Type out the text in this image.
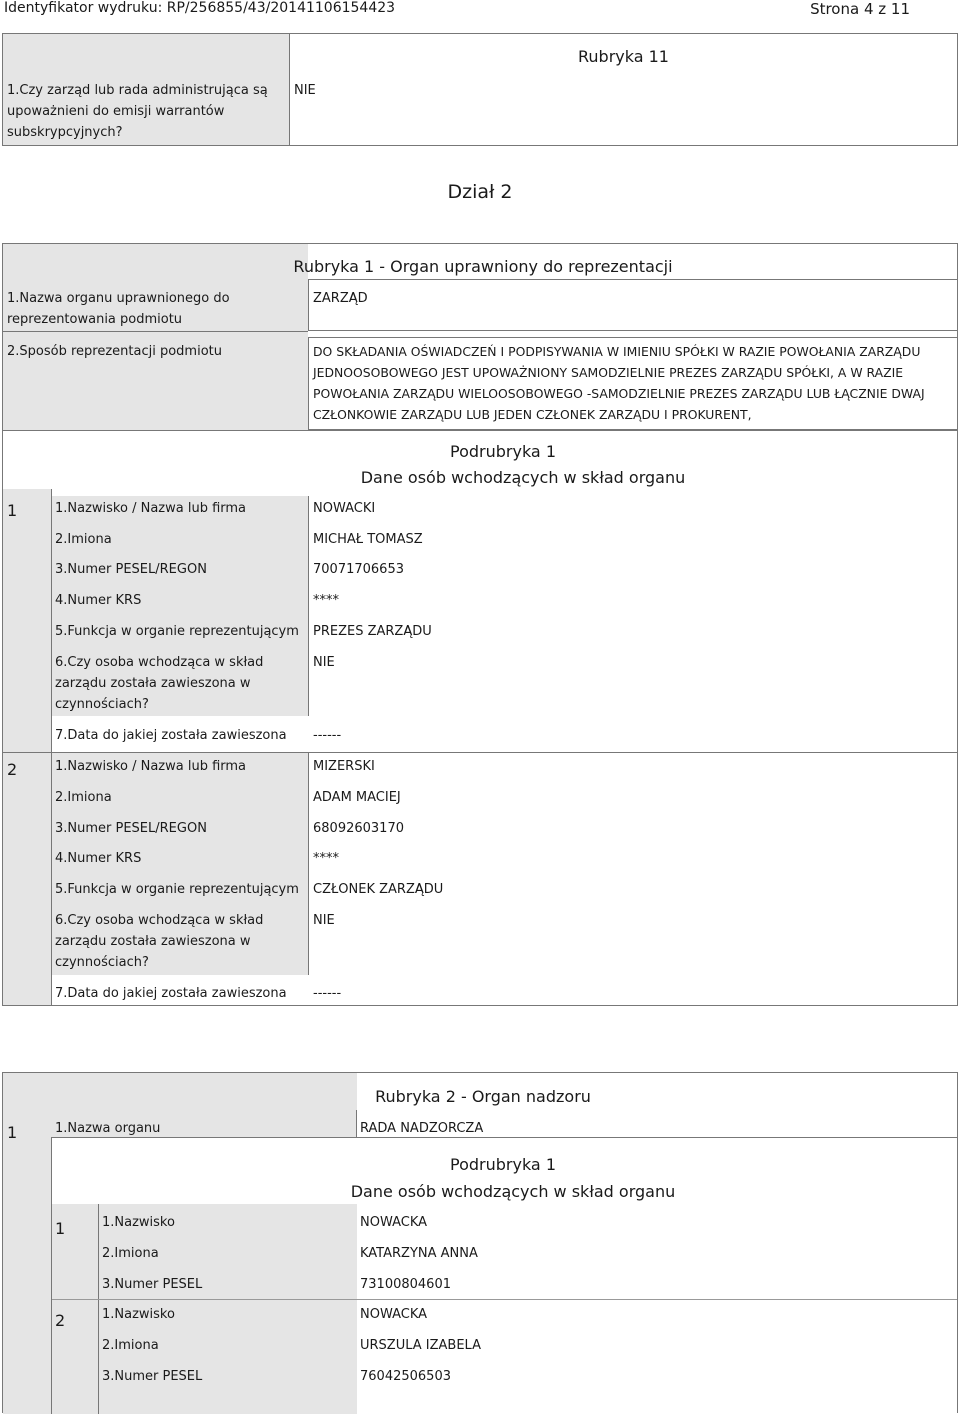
Identyfikator wydruku: RP/256855/43/20141106154423	Strona 4 z 11
Rubryka 11
1.Czy zarząd lub rada administrująca są upoważnieni do emisji warrantów subskrypcyjnych?
NIE
Dział 2
Rubryka 1 - Organ uprawniony do reprezentacji
1.Nazwa organu uprawnionego do reprezentowania podmiotu
ZARZĄD
2.Sposób reprezentacji podmiotu	DO SKŁADANIA OŚWIADCZEŃ I PODPISYWANIA W IMIENIU SPÓŁKI W RAZIE POWOŁANIA ZARZĄDU JEDNOOSOBOWEGO JEST UPOWAŻNIONY SAMODZIELNIE PREZES ZARZĄDU SPÓŁKI, A W RAZIE POWOŁANIA ZARZĄDU WIELOOSOBOWEGO -SAMODZIELNIE PREZES ZARZĄDU LUB ŁĄCZNIE DWAJ CZŁONKOWIE ZARZĄDU LUB JEDEN CZŁONEK ZARZĄDU I PROKURENT,
Podrubryka 1
Dane osób wchodzących w skład organu
1	1.Nazwisko / Nazwa lub firma	NOWACKI
2.Imiona	MICHAŁ TOMASZ
3.Numer PESEL/REGON	70071706653
4.Numer KRS	****
5.Funkcja w organie reprezentującym PREZES ZARZĄDU
6.Czy osoba wchodząca w skład zarządu została zawieszona w czynnościach?
NIE
7.Data do jakiej została zawieszona ------
2	1.Nazwisko / Nazwa lub firma	MIZERSKI
2.Imiona	ADAM MACIEJ
3.Numer PESEL/REGON	68092603170
4.Numer KRS	****
5.Funkcja w organie reprezentującym CZŁONEK ZARZĄDU
6.Czy osoba wchodząca w skład zarządu została zawieszona w czynnościach?
NIE
7.Data do jakiej została zawieszona ------
Rubryka 2 - Organ nadzoru
1	1.Nazwa organu	RADA NADZORCZA
Podrubryka 1
Dane osób wchodzących w skład organu
1	1.Nazwisko	NOWACKA
2.Imiona	KATARZYNA ANNA
3.Numer PESEL	73100804601
2	1.Nazwisko	NOWACKA
2.Imiona	URSZULA IZABELA
3.Numer PESEL	76042506503
